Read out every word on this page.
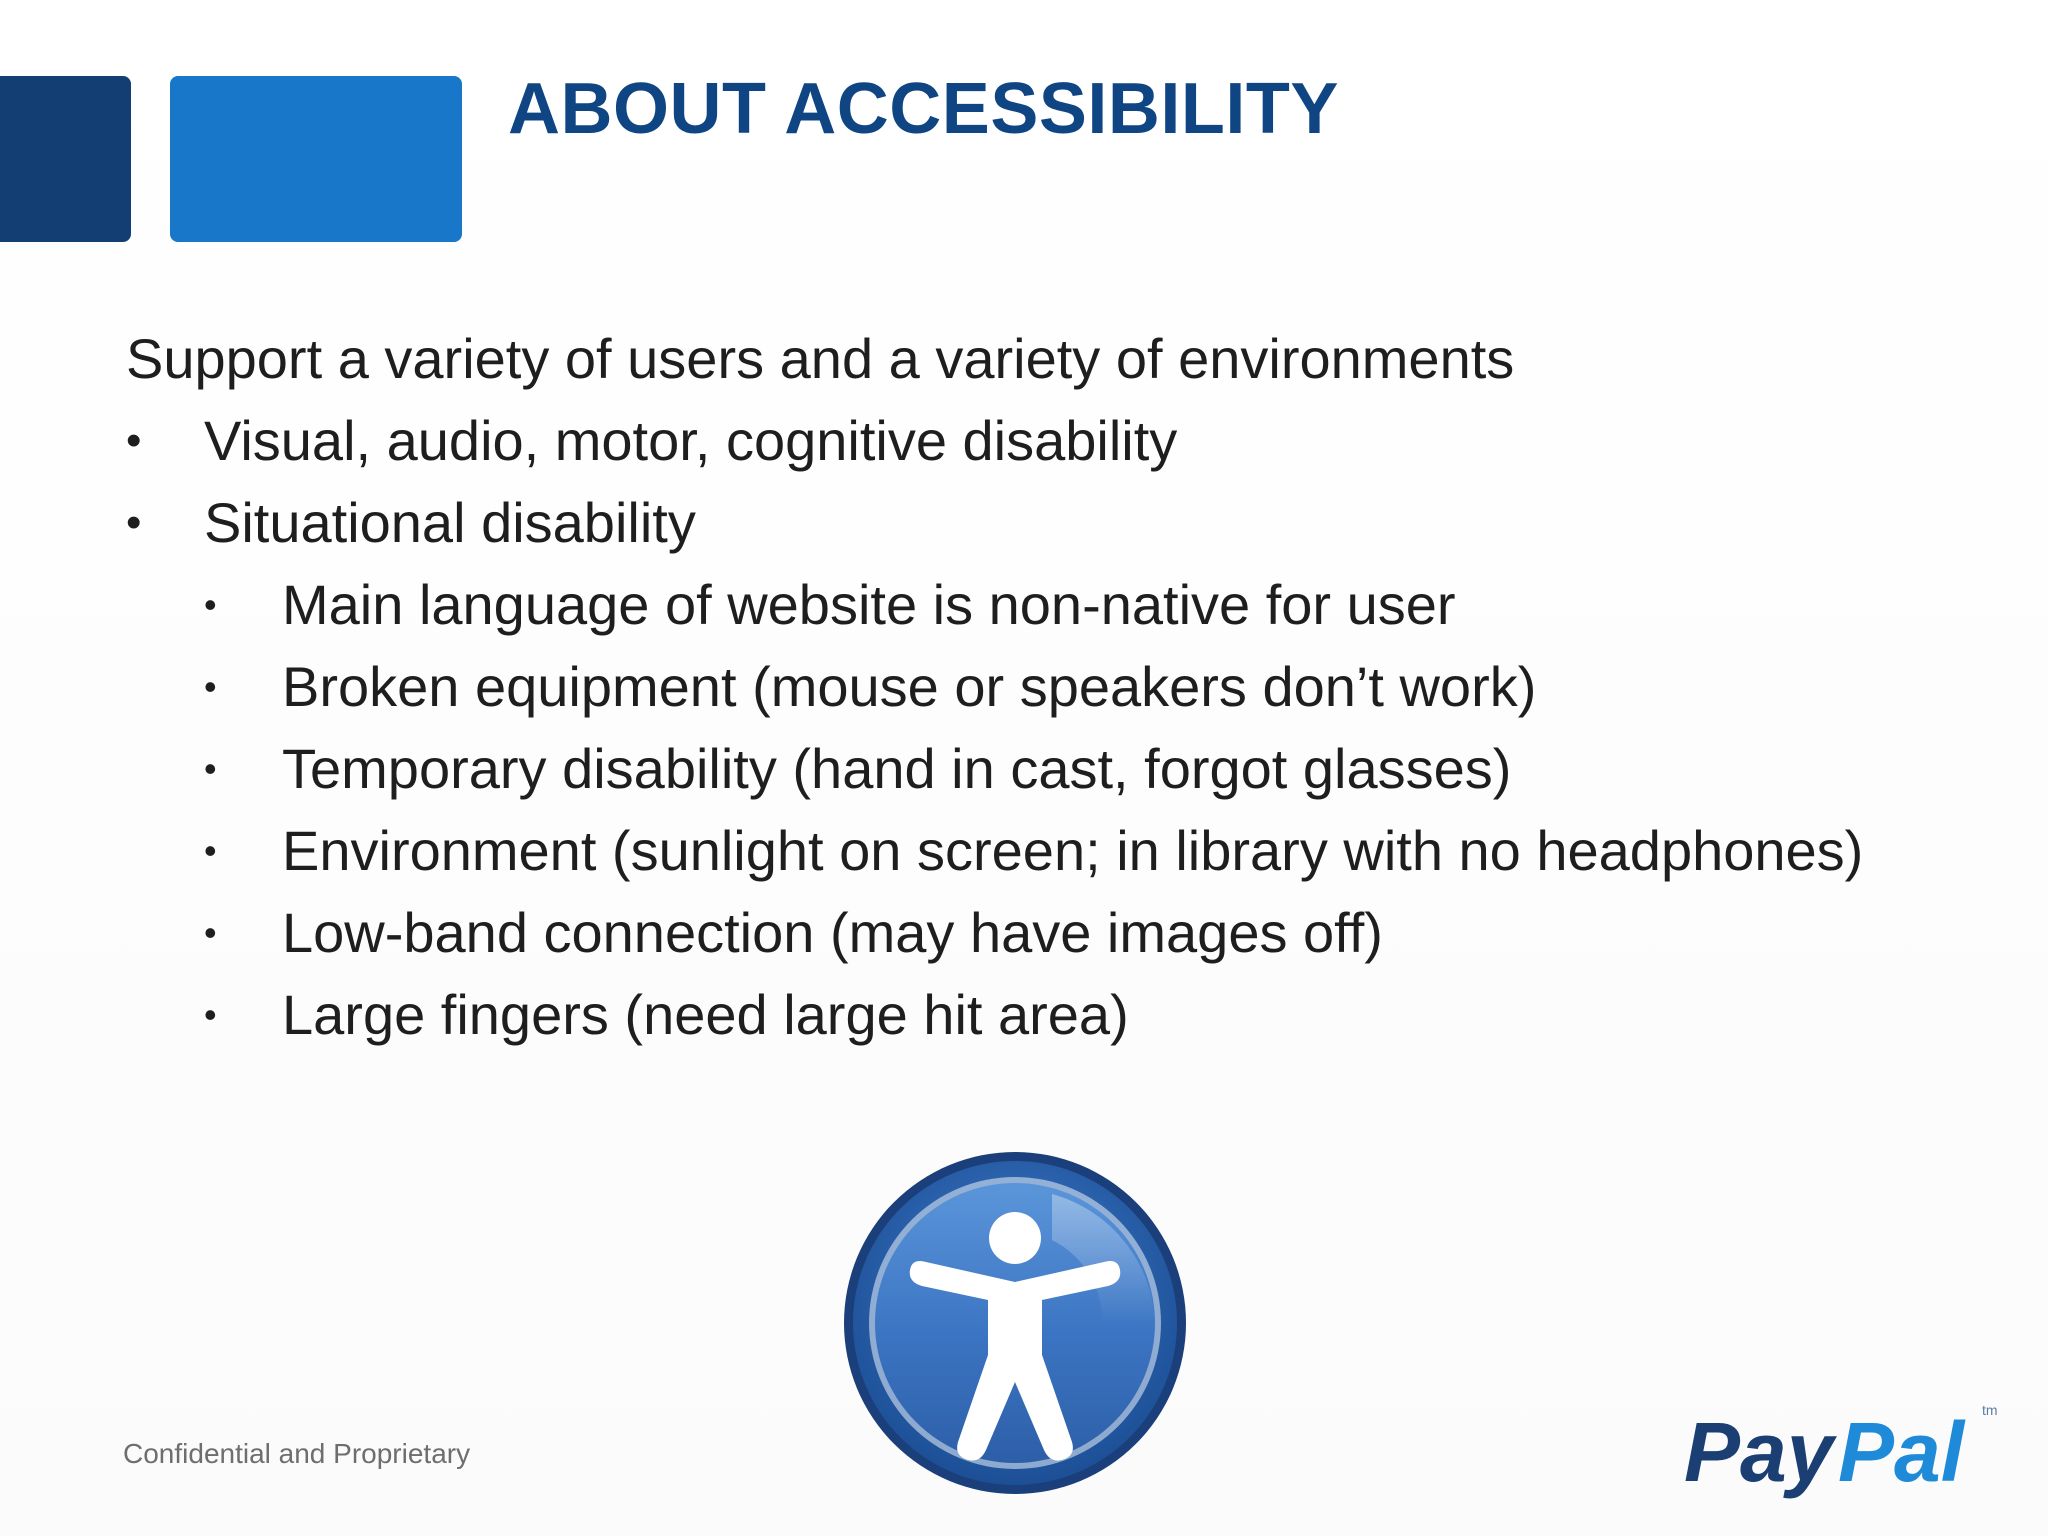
ABOUT ACCESSIBILITY

Support a variety of users and a variety of environments

• Visual, audio, motor, cognitive disability
• Situational disability
• Main language of website is non-native for user
• Broken equipment (mouse or speakers don’t work)
• Temporary disability (hand in cast, forgot glasses)
• Environment (sunlight on screen; in library with no headphones)
• Low-band connection (may have images off)
• Large fingers (need large hit area)
Confidential and Proprietary	Pay Pal tm
